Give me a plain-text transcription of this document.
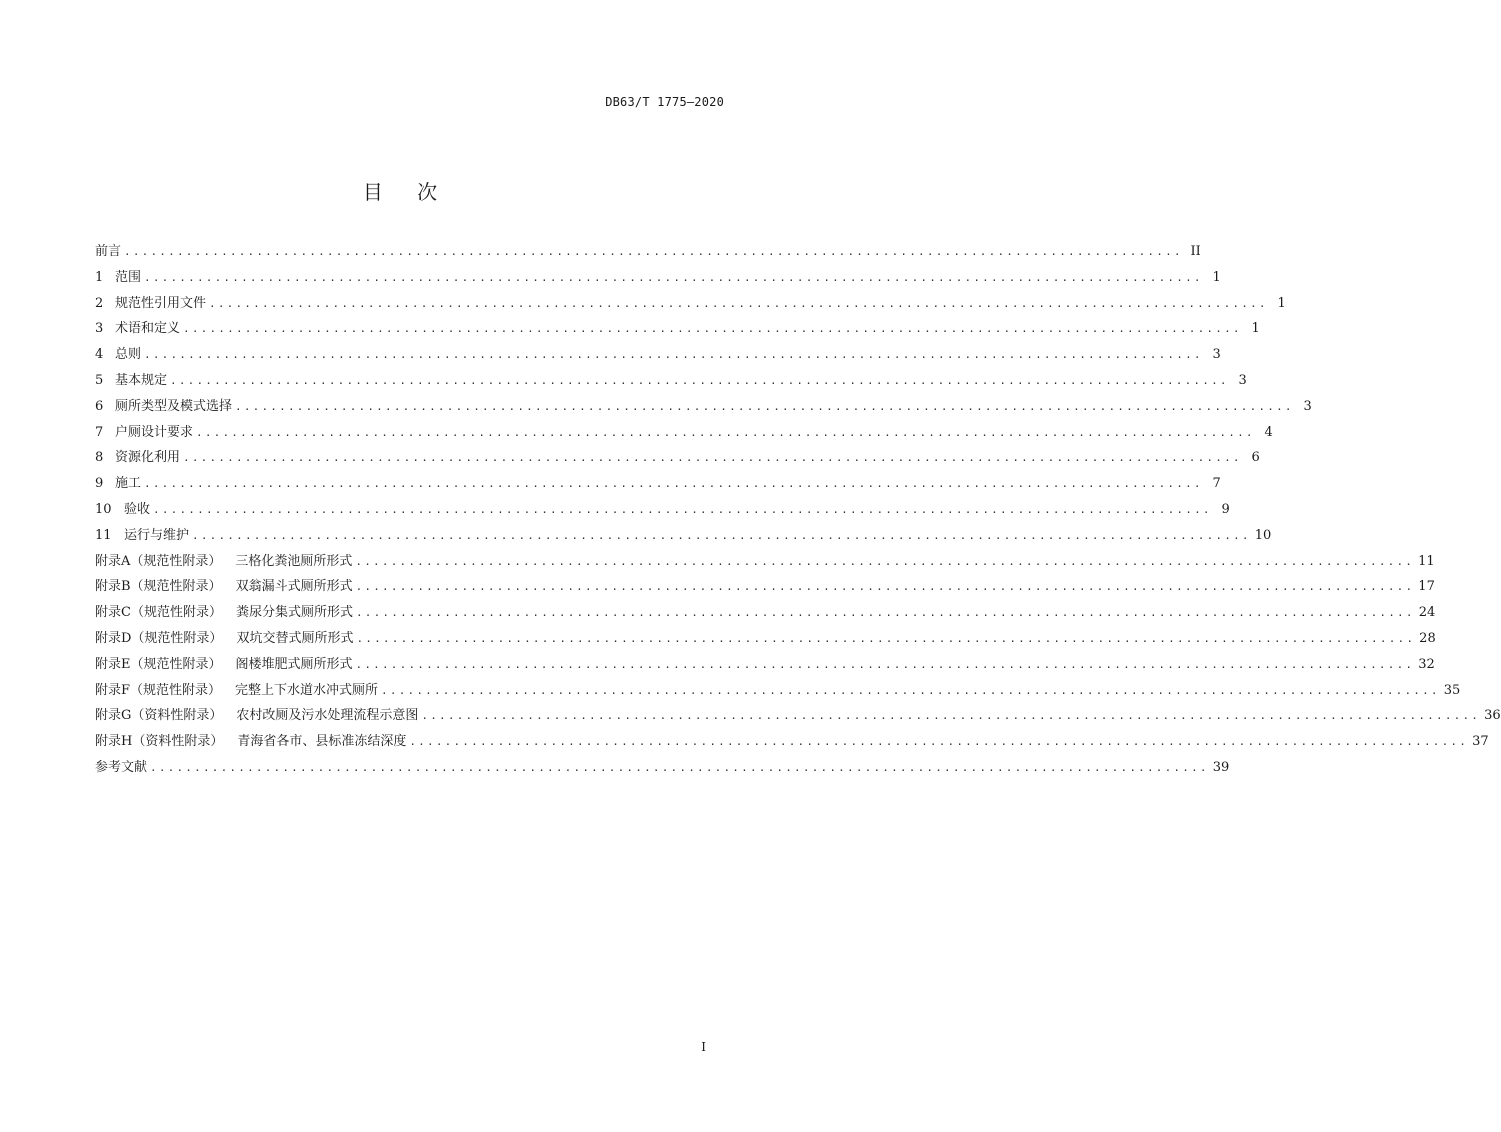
DB63/T 1775—2020
目 次
前言 ........................................................................................................................ II
1 范围 ........................................................................................................................ 1
2 规范性引用文件 ........................................................................................................................ 1
3 术语和定义 ........................................................................................................................ 1
4 总则 ........................................................................................................................ 3
5 基本规定 ........................................................................................................................ 3
6 厕所类型及模式选择 ........................................................................................................................ 3
7 户厕设计要求 ........................................................................................................................ 4
8 资源化利用 ........................................................................................................................ 6
9 施工 ........................................................................................................................ 7
10 验收 ........................................................................................................................ 9
11 运行与维护 ........................................................................................................................ 10
附录A（规范性附录） 三格化粪池厕所形式 ........................................................................................................................ 11
附录B（规范性附录） 双翁漏斗式厕所形式 ........................................................................................................................ 17
附录C（规范性附录） 粪尿分集式厕所形式 ........................................................................................................................ 24
附录D（规范性附录） 双坑交替式厕所形式 ........................................................................................................................ 28
附录E（规范性附录） 阁楼堆肥式厕所形式 ........................................................................................................................ 32
附录F（规范性附录） 完整上下水道水冲式厕所 ........................................................................................................................ 35
附录G（资料性附录） 农村改厕及污水处理流程示意图 ........................................................................................................................ 36
附录H（资料性附录） 青海省各市、县标准冻结深度 ........................................................................................................................ 37
参考文献 ........................................................................................................................ 39
I
